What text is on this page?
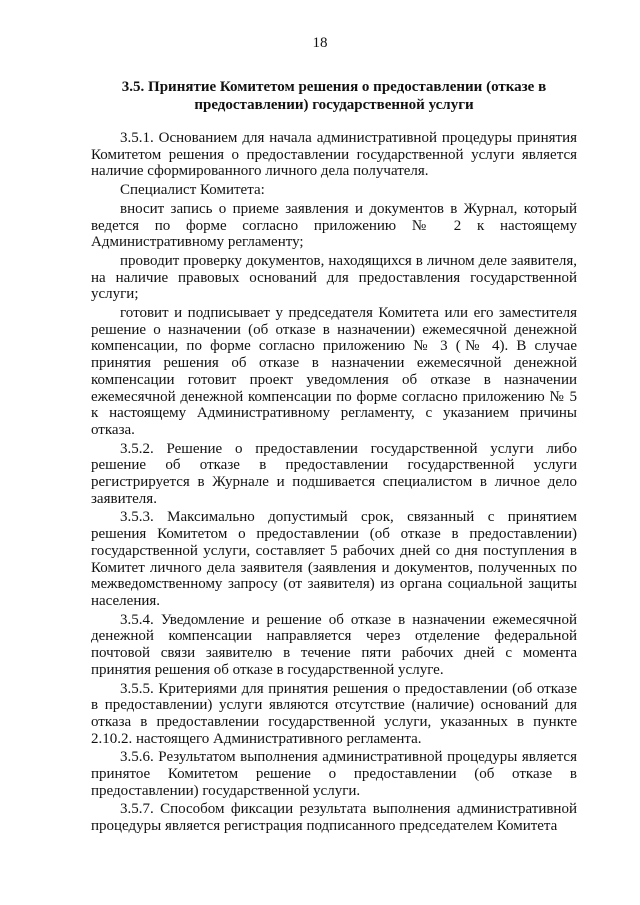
18
3.5. Принятие Комитетом решения о предоставлении (отказе в предоставлении) государственной услуги

3.5.1. Основанием для начала административной процедуры принятия Комитетом решения о предоставлении государственной услуги является наличие сформированного личного дела получателя.

Специалист Комитета:

вносит запись о приеме заявления и документов в Журнал, который ведется по форме согласно приложению № 2 к настоящему Административному регламенту;

проводит проверку документов, находящихся в личном деле заявителя, на наличие правовых оснований для предоставления государственной услуги;

готовит и подписывает у председателя Комитета или его заместителя решение о назначении (об отказе в назначении) ежемесячной денежной компенсации, по форме согласно приложению № 3 (№ 4). В случае принятия решения об отказе в назначении ежемесячной денежной компенсации готовит проект уведомления об отказе в назначении ежемесячной денежной компенсации по форме согласно приложению № 5 к настоящему Административному регламенту, с указанием причины отказа.

3.5.2. Решение о предоставлении государственной услуги либо решение об отказе в предоставлении государственной услуги регистрируется в Журнале и подшивается специалистом в личное дело заявителя.

3.5.3. Максимально допустимый срок, связанный с принятием решения Комитетом о предоставлении (об отказе в предоставлении) государственной услуги, составляет 5 рабочих дней со дня поступления в Комитет личного дела заявителя (заявления и документов, полученных по межведомственному запросу (от заявителя) из органа социальной защиты населения.

3.5.4. Уведомление и решение об отказе в назначении ежемесячной денежной компенсации направляется через отделение федеральной почтовой связи заявителю в течение пяти рабочих дней с момента принятия решения об отказе в государственной услуге.

3.5.5. Критериями для принятия решения о предоставлении (об отказе в предоставлении) услуги являются отсутствие (наличие) оснований для отказа в предоставлении государственной услуги, указанных в пункте 2.10.2. настоящего Административного регламента.

3.5.6. Результатом выполнения административной процедуры является принятое Комитетом решение о предоставлении (об отказе в предоставлении) государственной услуги.

3.5.7. Способом фиксации результата выполнения административной процедуры является регистрация подписанного председателем Комитета
